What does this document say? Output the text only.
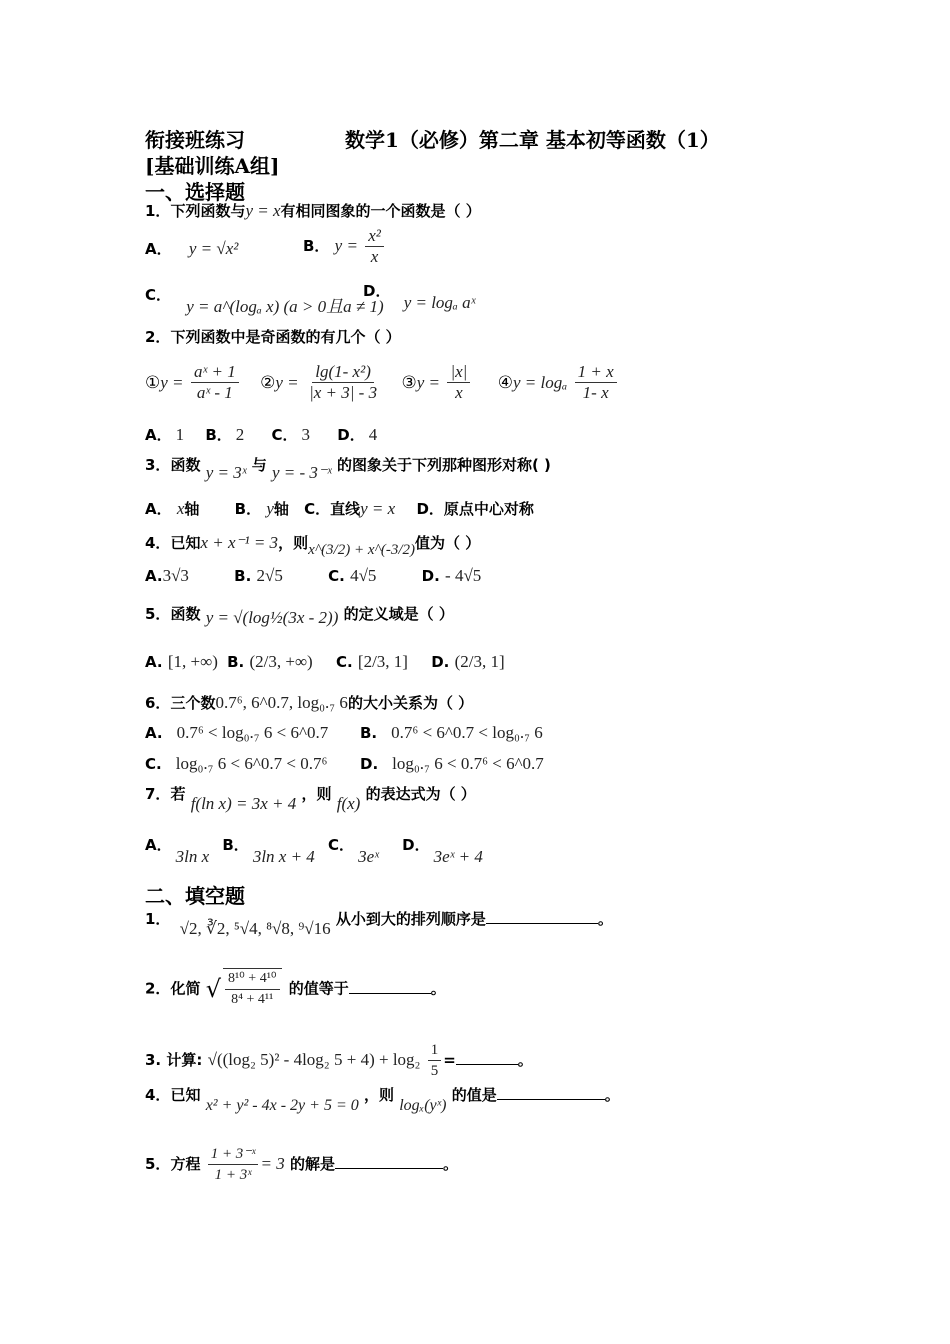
衔接班练习	数学1（必修）第二章 基本初等函数（1）
[基础训练A组]
一、选择题
1．下列函数与y = x有相同图象的一个函数是（ ）
A． y = √x²	B． $y = \frac{\text{x²}}{x}$
C． y = a^(logₐ x) (a > 0且a ≠ 1)
D． y = logₐ aˣ
2．下列函数中是奇函数的有几个（ ）
①y = $\frac{\text{aˣ + 1}}{\text{aˣ - 1}}$ ②y = $\frac{\text{lg(1- x²)}}{|x + 3| - 3}$ ③y = $\frac{|x|}{x}$ ④y = logₐ $\frac{1 + x}{1- x}$
A． 1 B． 2 C． 3 D． 4
3．函数 y = 3ˣ 与 y = - 3⁻ˣ 的图象关于下列那种图形对称( )
A． x轴 B． y轴 C．直线y = x D．原点中心对称
4．已知x + x⁻¹ = 3，则x^(3/2) + x^(-3/2)值为（ ）
A.3√3	B. 2√5	C. 4√5	D. - 4√5
5．函数 y = √(log½(3x - 2)) 的定义域是（ ）
A. [1, +∞) B. (2/3, +∞) C. [2/3, 1] D. (2/3, 1]
6．三个数0.7⁶, 6^0.7, log₀.₇ 6的大小关系为（ ）
A. 0.7⁶ < log₀.₇ 6 < 6^0.7 B. 0.7⁶ < 6^0.7 < log₀.₇ 6
C. log₀.₇ 6 < 6^0.7 < 0.7⁶ D. log₀.₇ 6 < 0.7⁶ < 6^0.7
7．若 f(ln x) = 3x + 4 ，则 f(x) 的表达式为（ ）
A．3ln x B．3ln x + 4 C．3eˣ D．3eˣ + 4
二、填空题
1． √2, ∛2, ⁵√4, ⁸√8, ⁹√16 从小到大的排列顺序是	。
2．化简 √ $\frac{\text{8¹⁰ + 4¹⁰}}{\text{8⁴ + 4¹¹}}$ 的值等于	。
3. 计算: √((log₂ 5)² - 4log₂ $5 + 4) + \log_2 \frac{1}{5}$ =	。
4．已知 x² + y² - 4x - 2y + 5 = 0 ，则 logₓ(yˣ) 的值是	。
5．方程 $\frac{\text{1 + 3⁻ˣ}}{\text{1 + 3ˣ}} = 3$ 的解是	。
